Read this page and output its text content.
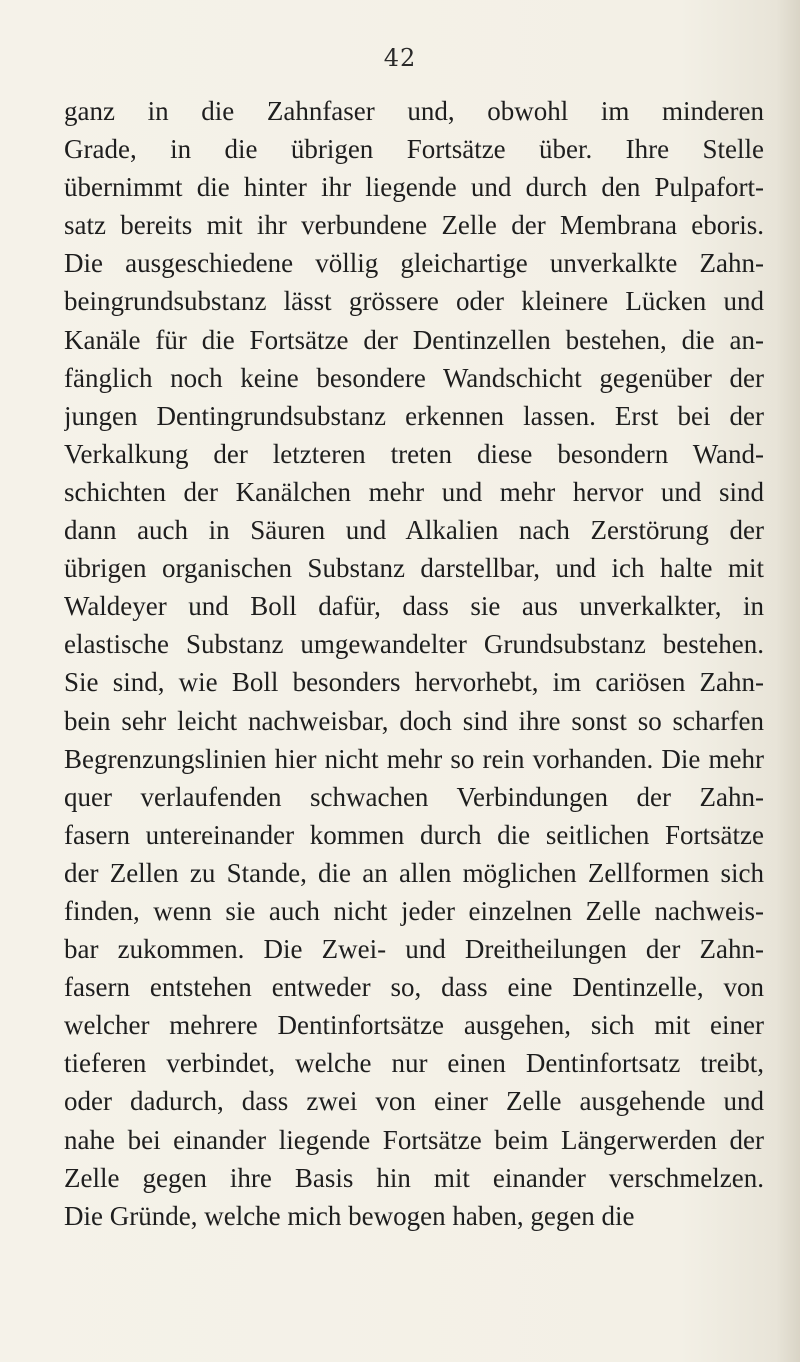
42
ganz in die Zahnfaser und, obwohl im minderen
Grade, in die übrigen Fortsätze über. Ihre Stelle
übernimmt die hinter ihr liegende und durch den Pulpafort-
satz bereits mit ihr verbundene Zelle der Membrana eboris.
Die ausgeschiedene völlig gleichartige unverkalkte Zahn-
beingrundsubstanz lässt grössere oder kleinere Lücken und
Kanäle für die Fortsätze der Dentinzellen bestehen, die an-
fänglich noch keine besondere Wandschicht gegenüber der
jungen Dentingrundsubstanz erkennen lassen. Erst bei der
Verkalkung der letzteren treten diese besondern Wand-
schichten der Kanälchen mehr und mehr hervor und sind
dann auch in Säuren und Alkalien nach Zerstörung der
übrigen organischen Substanz darstellbar, und ich halte mit
Waldeyer und Boll dafür, dass sie aus unverkalkter, in
elastische Substanz umgewandelter Grundsubstanz bestehen.
Sie sind, wie Boll besonders hervorhebt, im cariösen Zahn-
bein sehr leicht nachweisbar, doch sind ihre sonst so scharfen
Begrenzungslinien hier nicht mehr so rein vorhanden. Die mehr
quer verlaufenden schwachen Verbindungen der Zahn-
fasern untereinander kommen durch die seitlichen Fortsätze
der Zellen zu Stande, die an allen möglichen Zellformen sich
finden, wenn sie auch nicht jeder einzelnen Zelle nachweis-
bar zukommen. Die Zwei- und Dreitheilungen der Zahn-
fasern entstehen entweder so, dass eine Dentinzelle, von
welcher mehrere Dentinfortsätze ausgehen, sich mit einer
tieferen verbindet, welche nur einen Dentinfortsatz treibt,
oder dadurch, dass zwei von einer Zelle ausgehende und
nahe bei einander liegende Fortsätze beim Längerwerden der
Zelle gegen ihre Basis hin mit einander verschmelzen.
Die Gründe, welche mich bewogen haben, gegen die
